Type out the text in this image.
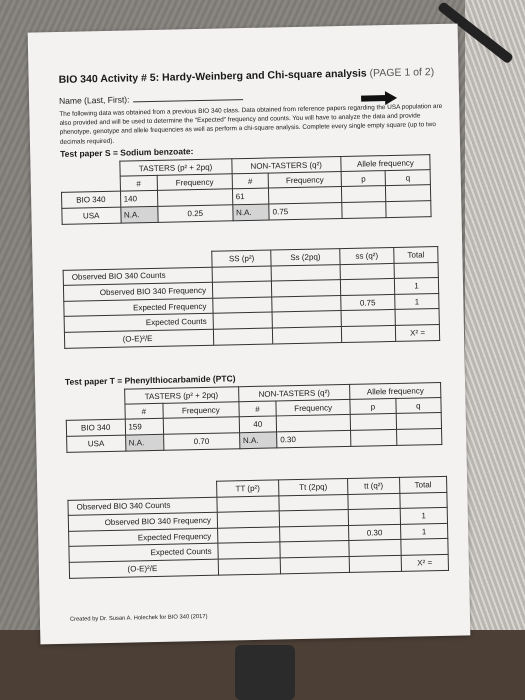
BIO 340 Activity # 5: Hardy-Weinberg and Chi-square analysis (PAGE 1 of 2)
Name (Last, First):
The following data was obtained from a previous BIO 340 class. Data obtained from reference papers regarding the USA population are also provided and will be used to determine the "Expected" frequency and counts. You will have to analyze the data and provide phenotype, genotype and allele frequencies as well as perform a chi-square analysis. Complete every single empty square (up to two decimals required).
Test paper S = Sodium benzoate:
	TASTERS (p² + 2pq)		NON-TASTERS (q²)		Allele frequency	
	#	Frequency	#	Frequency	p	q
BIO 340	140		61			
USA	N.A.	0.25	N.A.	0.75		
	SS (p²)	Ss (2pq)	ss (q²)	Total
Observed BIO 340 Counts				
Observed BIO 340 Frequency				1
Expected Frequency			0.75	1
Expected Counts				
(O-E)²/E				X² =
Test paper T = Phenylthiocarbamide (PTC)
	TASTERS (p² + 2pq)		NON-TASTERS (q²)		Allele frequency	
	#	Frequency	#	Frequency	p	q
BIO 340	159		40			
USA	N.A.	0.70	N.A.	0.30		
	TT (p²)	Tt (2pq)	tt (q²)	Total
Observed BIO 340 Counts				
Observed BIO 340 Frequency				1
Expected Frequency			0.30	1
Expected Counts				
(O-E)²/E				X² =
Created by Dr. Susan A. Holechek for BIO 340 (2017)
